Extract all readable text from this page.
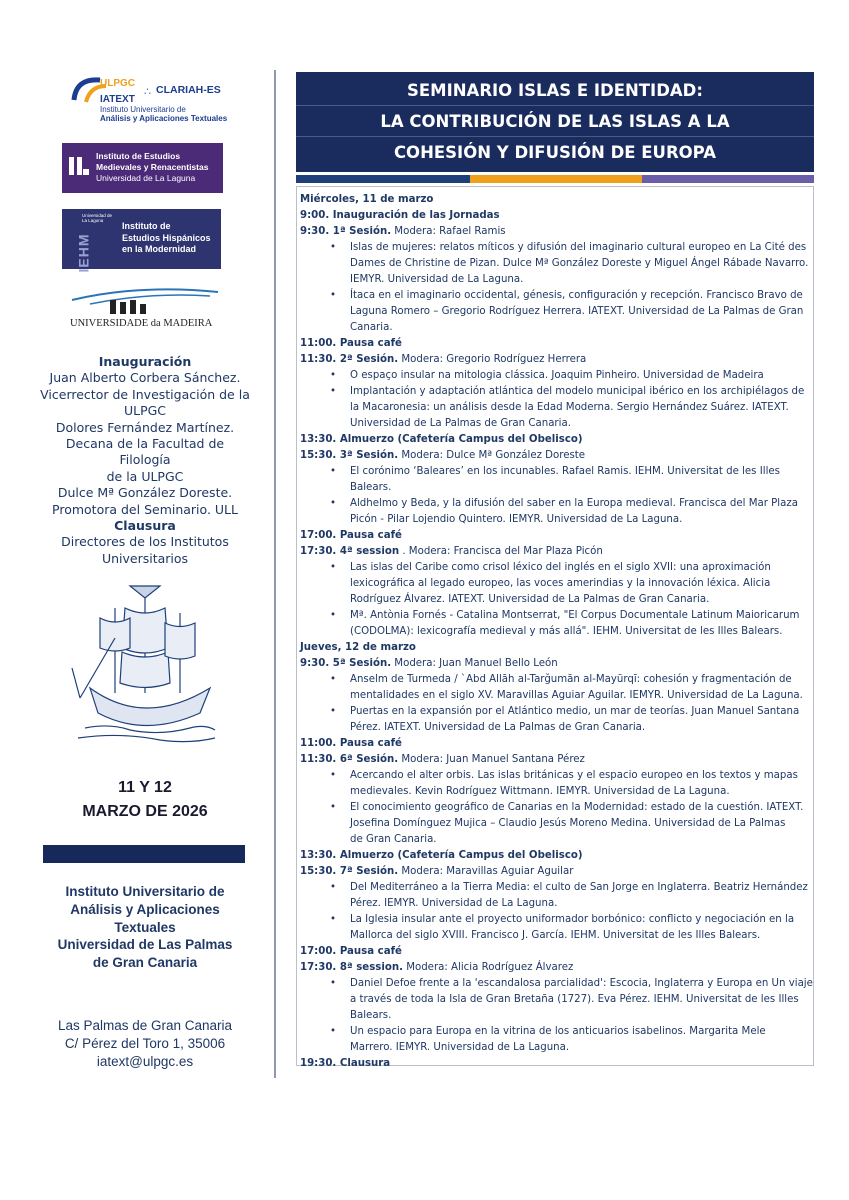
ULPGC
∴ CLARIAH-ES
IATEXT
Instituto Universitario de
Análisis y Aplicaciones Textuales
Instituto de Estudios
Medievales y Renacentistas
Universidad de La Laguna
Universidad de La Laguna
IEHM
Instituto de
Estudios Hispánicos
en la Modernidad
UNIVERSIDADE da MADEIRA
Inauguración
Juan Alberto Corbera Sánchez.
Vicerrector de Investigación de la
ULPGC
Dolores Fernández Martínez.
Decana de la Facultad de Filología
de la ULPGC
Dulce Mª González Doreste.
Promotora del Seminario. ULL
Clausura
Directores de los Institutos
Universitarios
11 Y 12
MARZO DE 2026
Instituto Universitario de
Análisis y Aplicaciones
Textuales
Universidad de Las Palmas
de Gran Canaria
Las Palmas de Gran Canaria
C/ Pérez del Toro 1, 35006
iatext@ulpgc.es
SEMINARIO ISLAS E IDENTIDAD:
LA CONTRIBUCIÓN DE LAS ISLAS A LA
COHESIÓN Y DIFUSIÓN DE EUROPA
Miércoles, 11 de marzo
9:00. Inauguración de las Jornadas
9:30. 1ª Sesión. Modera: Rafael Ramis
• Islas de mujeres: relatos míticos y difusión del imaginario cultural europeo en La Cité des
Dames de Christine de Pizan. Dulce Mª González Doreste y Miguel Ángel Rábade Navarro.
IEMYR. Universidad de La Laguna.
• Ítaca en el imaginario occidental, génesis, configuración y recepción. Francisco Bravo de
Laguna Romero – Gregorio Rodríguez Herrera. IATEXT. Universidad de La Palmas de Gran
Canaria.
11:00. Pausa café
11:30. 2ª Sesión. Modera: Gregorio Rodríguez Herrera
• O espaço insular na mitologia clássica. Joaquim Pinheiro. Universidad de Madeira
• Implantación y adaptación atlántica del modelo municipal ibérico en los archipiélagos de
la Macaronesia: un análisis desde la Edad Moderna. Sergio Hernández Suárez. IATEXT.
Universidad de La Palmas de Gran Canaria.
13:30. Almuerzo (Cafetería Campus del Obelisco)
15:30. 3ª Sesión. Modera: Dulce Mª González Doreste
• El corónimo ‘Baleares’ en los incunables. Rafael Ramis. IEHM. Universitat de les Illes
Balears.
• Aldhelmo y Beda, y la difusión del saber en la Europa medieval. Francisca del Mar Plaza
Picón - Pilar Lojendio Quintero. IEMYR. Universidad de La Laguna.
17:00. Pausa café
17:30. 4ª session . Modera: Francisca del Mar Plaza Picón
• Las islas del Caribe como crisol léxico del inglés en el siglo XVII: una aproximación
lexicográfica al legado europeo, las voces amerindias y la innovación léxica. Alicia
Rodríguez Álvarez. IATEXT. Universidad de La Palmas de Gran Canaria.
• Mª. Antònia Fornés - Catalina Montserrat, "El Corpus Documentale Latinum Maioricarum
(CODOLMA): lexicografía medieval y más allá". IEHM. Universitat de les Illes Balears.
Jueves, 12 de marzo
9:30. 5ª Sesión. Modera: Juan Manuel Bello León
• Anselm de Turmeda / `Abd Allāh al-Tarğumān al-Mayūrqī: cohesión y fragmentación de
mentalidades en el siglo XV. Maravillas Aguiar Aguilar. IEMYR. Universidad de La Laguna.
• Puertas en la expansión por el Atlántico medio, un mar de teorías. Juan Manuel Santana
Pérez. IATEXT. Universidad de La Palmas de Gran Canaria.
11:00. Pausa café
11:30. 6ª Sesión. Modera: Juan Manuel Santana Pérez
• Acercando el alter orbis. Las islas británicas y el espacio europeo en los textos y mapas
medievales. Kevin Rodríguez Wittmann. IEMYR. Universidad de La Laguna.
• El conocimiento geográfico de Canarias en la Modernidad: estado de la cuestión. IATEXT.
Josefina Domínguez Mujica – Claudio Jesús Moreno Medina. Universidad de La Palmas
de Gran Canaria.
13:30. Almuerzo (Cafetería Campus del Obelisco)
15:30. 7ª Sesión. Modera: Maravillas Aguiar Aguilar
• Del Mediterráneo a la Tierra Media: el culto de San Jorge en Inglaterra. Beatriz Hernández
Pérez. IEMYR. Universidad de La Laguna.
• La Iglesia insular ante el proyecto uniformador borbónico: conflicto y negociación en la
Mallorca del siglo XVIII. Francisco J. García. IEHM. Universitat de les Illes Balears.
17:00. Pausa café
17:30. 8ª session. Modera: Alicia Rodríguez Álvarez
• Daniel Defoe frente a la 'escandalosa parcialidad': Escocia, Inglaterra y Europa en Un viaje
a través de toda la Isla de Gran Bretaña (1727). Eva Pérez. IEHM. Universitat de les Illes
Balears.
• Un espacio para Europa en la vitrina de los anticuarios isabelinos. Margarita Mele
Marrero. IEMYR. Universidad de La Laguna.
19:30. Clausura
